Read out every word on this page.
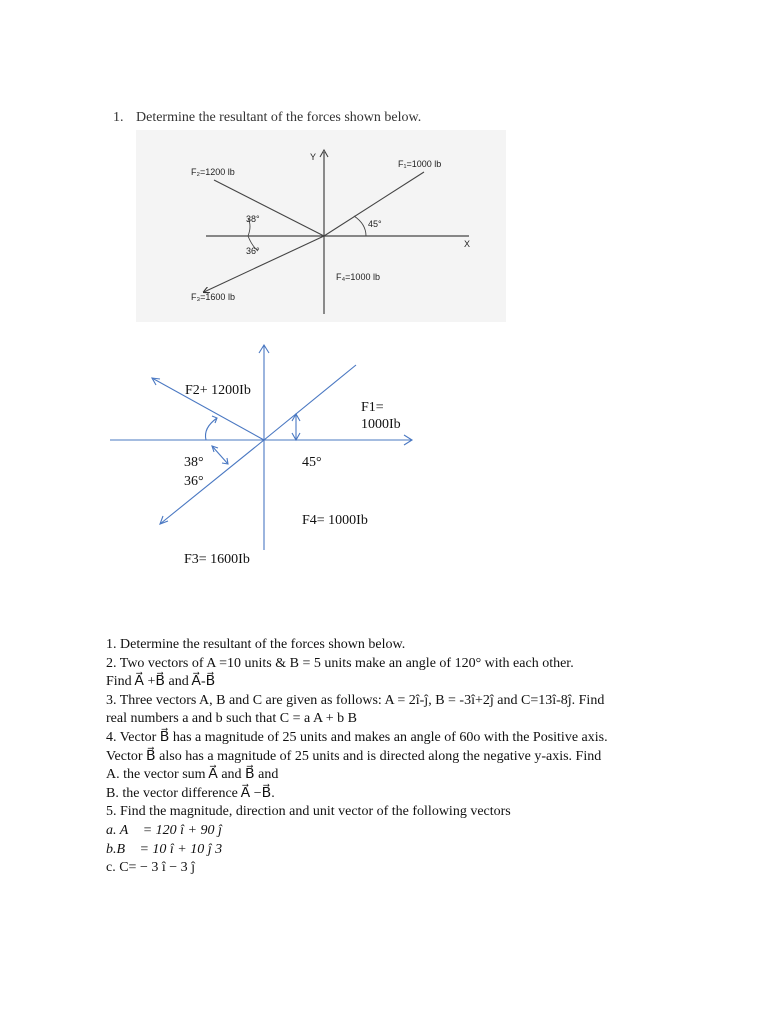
1. Determine the resultant of the forces shown below.
Y
X
F₁=1000 lb
F₂=1200 lb
F₃=1600 lb
F₄=1000 lb
38°
36°
45°
F2+ 1200Ib
F1=
1000Ib
38°
36°
45°
F4= 1000Ib
F3= 1600Ib
1. Determine the resultant of the forces shown below.
2. Two vectors of A =10 units & B = 5 units make an angle of 120° with each other.
Find A⃗ +B⃗ and A⃗-B⃗
3. Three vectors A, B and C are given as follows: A = 2î-ĵ, B = -3î+2ĵ and C=13î-8ĵ. Find
real numbers a and b such that C = a A + b B
4. Vector B⃗ has a magnitude of 25 units and makes an angle of 60o with the Positive axis.
Vector B⃗ also has a magnitude of 25 units and is directed along the negative y-axis. Find
A. the vector sum A⃗ and B⃗ and
B. the vector difference A⃗ −B⃗.
5. Find the magnitude, direction and unit vector of the following vectors
a. A⃗ = 120 î + 90 ĵ
b.B⃗ = 10 î + 10 ĵ 3
c. C= − 3 î − 3 ĵ
